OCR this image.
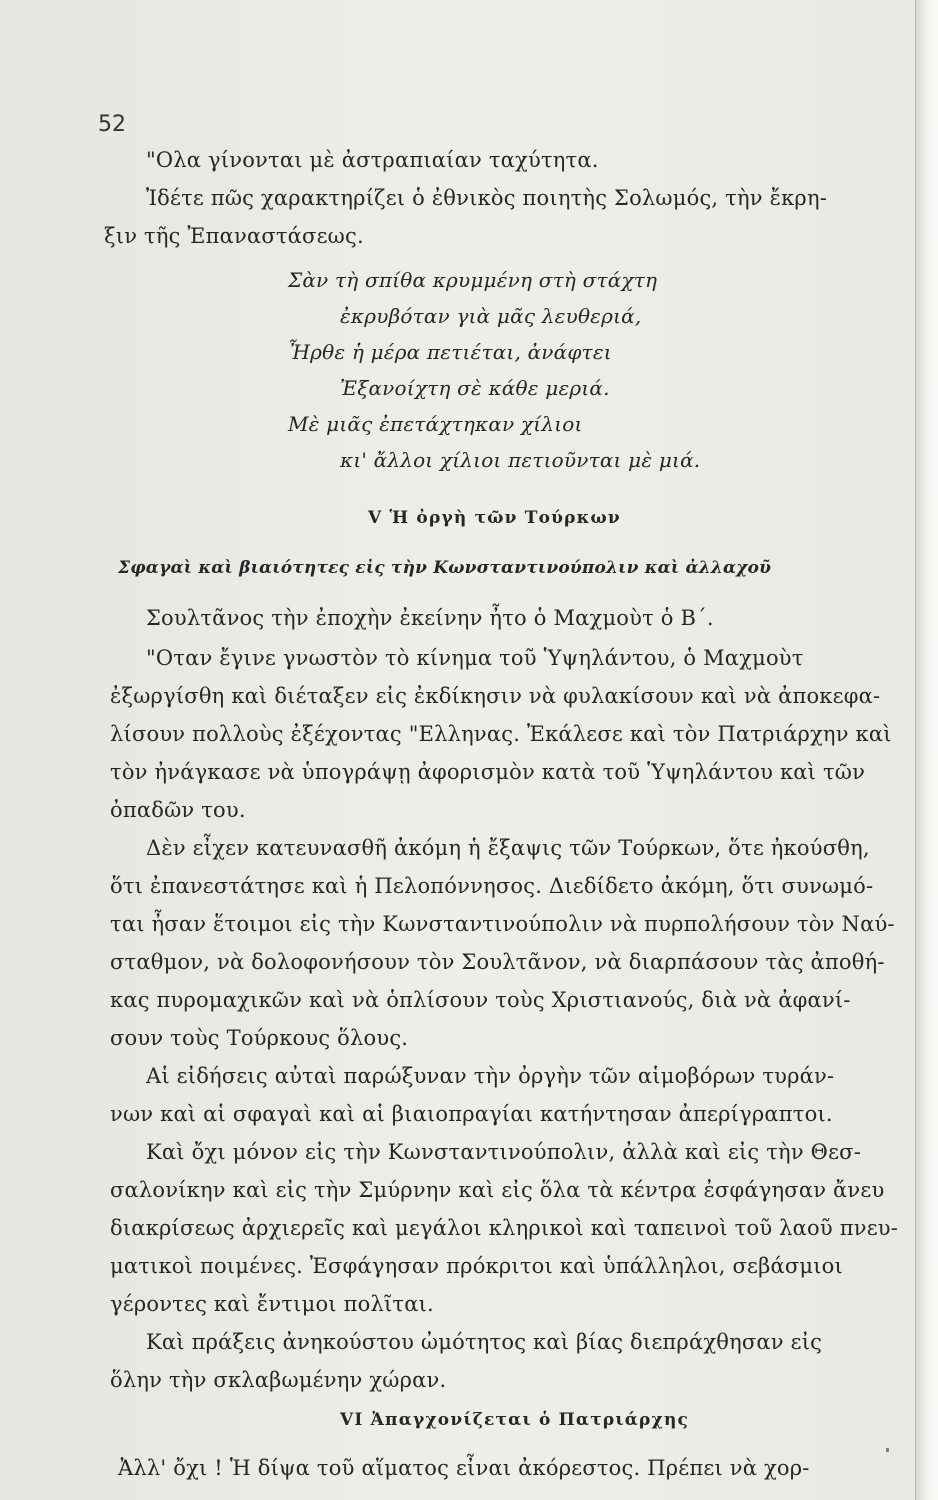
52
"Ολα γίνονται μὲ ἀστραπιαίαν ταχύτητα.
Ἰδέτε πῶς χαρακτηρίζει ὁ ἐθνικὸς ποιητὴς Σολωμός, τὴν ἔκρη-
ξιν τῆς Ἐπαναστάσεως.
Σὰν τὴ σπίθα κρυμμένη στὴ στάχτη
ἐκρυβόταν γιὰ μᾶς λευθεριά,
Ἦρθε ἡ μέρα πετιέται, ἀνάφτει
Ἐξανοίχτη σὲ κάθε μεριά.
Μὲ μιᾶς ἐπετάχτηκαν χίλιοι
κι' ἄλλοι χίλιοι πετιοῦνται μὲ μιά.
V Ἡ ὀργὴ τῶν Τούρκων
Σφαγαὶ καὶ βιαιότητες εἰς τὴν Κωνσταντινούπολιν καὶ ἀλλαχοῦ
Σουλτᾶνος τὴν ἐποχὴν ἐκείνην ἦτο ὁ Μαχμοὺτ ὁ Β΄.
"Οταν ἔγινε γνωστὸν τὸ κίνημα τοῦ Ὑψηλάντου, ὁ Μαχμοὺτ
ἐξωργίσθη καὶ διέταξεν εἰς ἐκδίκησιν νὰ φυλακίσουν καὶ νὰ ἀποκεφα-
λίσουν πολλοὺς ἐξέχοντας "Ελληνας. Ἐκάλεσε καὶ τὸν Πατριάρχην καὶ
τὸν ἠνάγκασε νὰ ὑπογράψῃ ἀφορισμὸν κατὰ τοῦ Ὑψηλάντου καὶ τῶν
ὀπαδῶν του.
Δὲν εἶχεν κατευνασθῆ ἀκόμη ἡ ἔξαψις τῶν Τούρκων, ὅτε ἠκούσθη,
ὅτι ἐπανεστάτησε καὶ ἡ Πελοπόννησος. Διεδίδετο ἀκόμη, ὅτι συνωμό-
ται ἦσαν ἕτοιμοι εἰς τὴν Κωνσταντινούπολιν νὰ πυρπολήσουν τὸν Ναύ-
σταθμον, νὰ δολοφονήσουν τὸν Σουλτᾶνον, νὰ διαρπάσουν τὰς ἀποθή-
κας πυρομαχικῶν καὶ νὰ ὁπλίσουν τοὺς Χριστιανούς, διὰ νὰ ἀφανί-
σουν τοὺς Τούρκους ὅλους.
Αἱ εἰδήσεις αὐταὶ παρώξυναν τὴν ὀργὴν τῶν αἱμοβόρων τυράν-
νων καὶ αἱ σφαγαὶ καὶ αἱ βιαιοπραγίαι κατήντησαν ἀπερίγραπτοι.
Καὶ ὄχι μόνον εἰς τὴν Κωνσταντινούπολιν, ἀλλὰ καὶ εἰς τὴν Θεσ-
σαλονίκην καὶ εἰς τὴν Σμύρνην καὶ εἰς ὅλα τὰ κέντρα ἐσφάγησαν ἄνευ
διακρίσεως ἀρχιερεῖς καὶ μεγάλοι κληρικοὶ καὶ ταπεινοὶ τοῦ λαοῦ πνευ-
ματικοὶ ποιμένες. Ἐσφάγησαν πρόκριτοι καὶ ὑπάλληλοι, σεβάσμιοι
γέροντες καὶ ἔντιμοι πολῖται.
Καὶ πράξεις ἀνηκούστου ὠμότητος καὶ βίας διεπράχθησαν εἰς
ὅλην τὴν σκλαβωμένην χώραν.
VI Ἀπαγχονίζεται ὁ Πατριάρχης
Ἀλλ' ὄχι ! Ἡ δίψα τοῦ αἵματος εἶναι ἀκόρεστος. Πρέπει νὰ χορ-
